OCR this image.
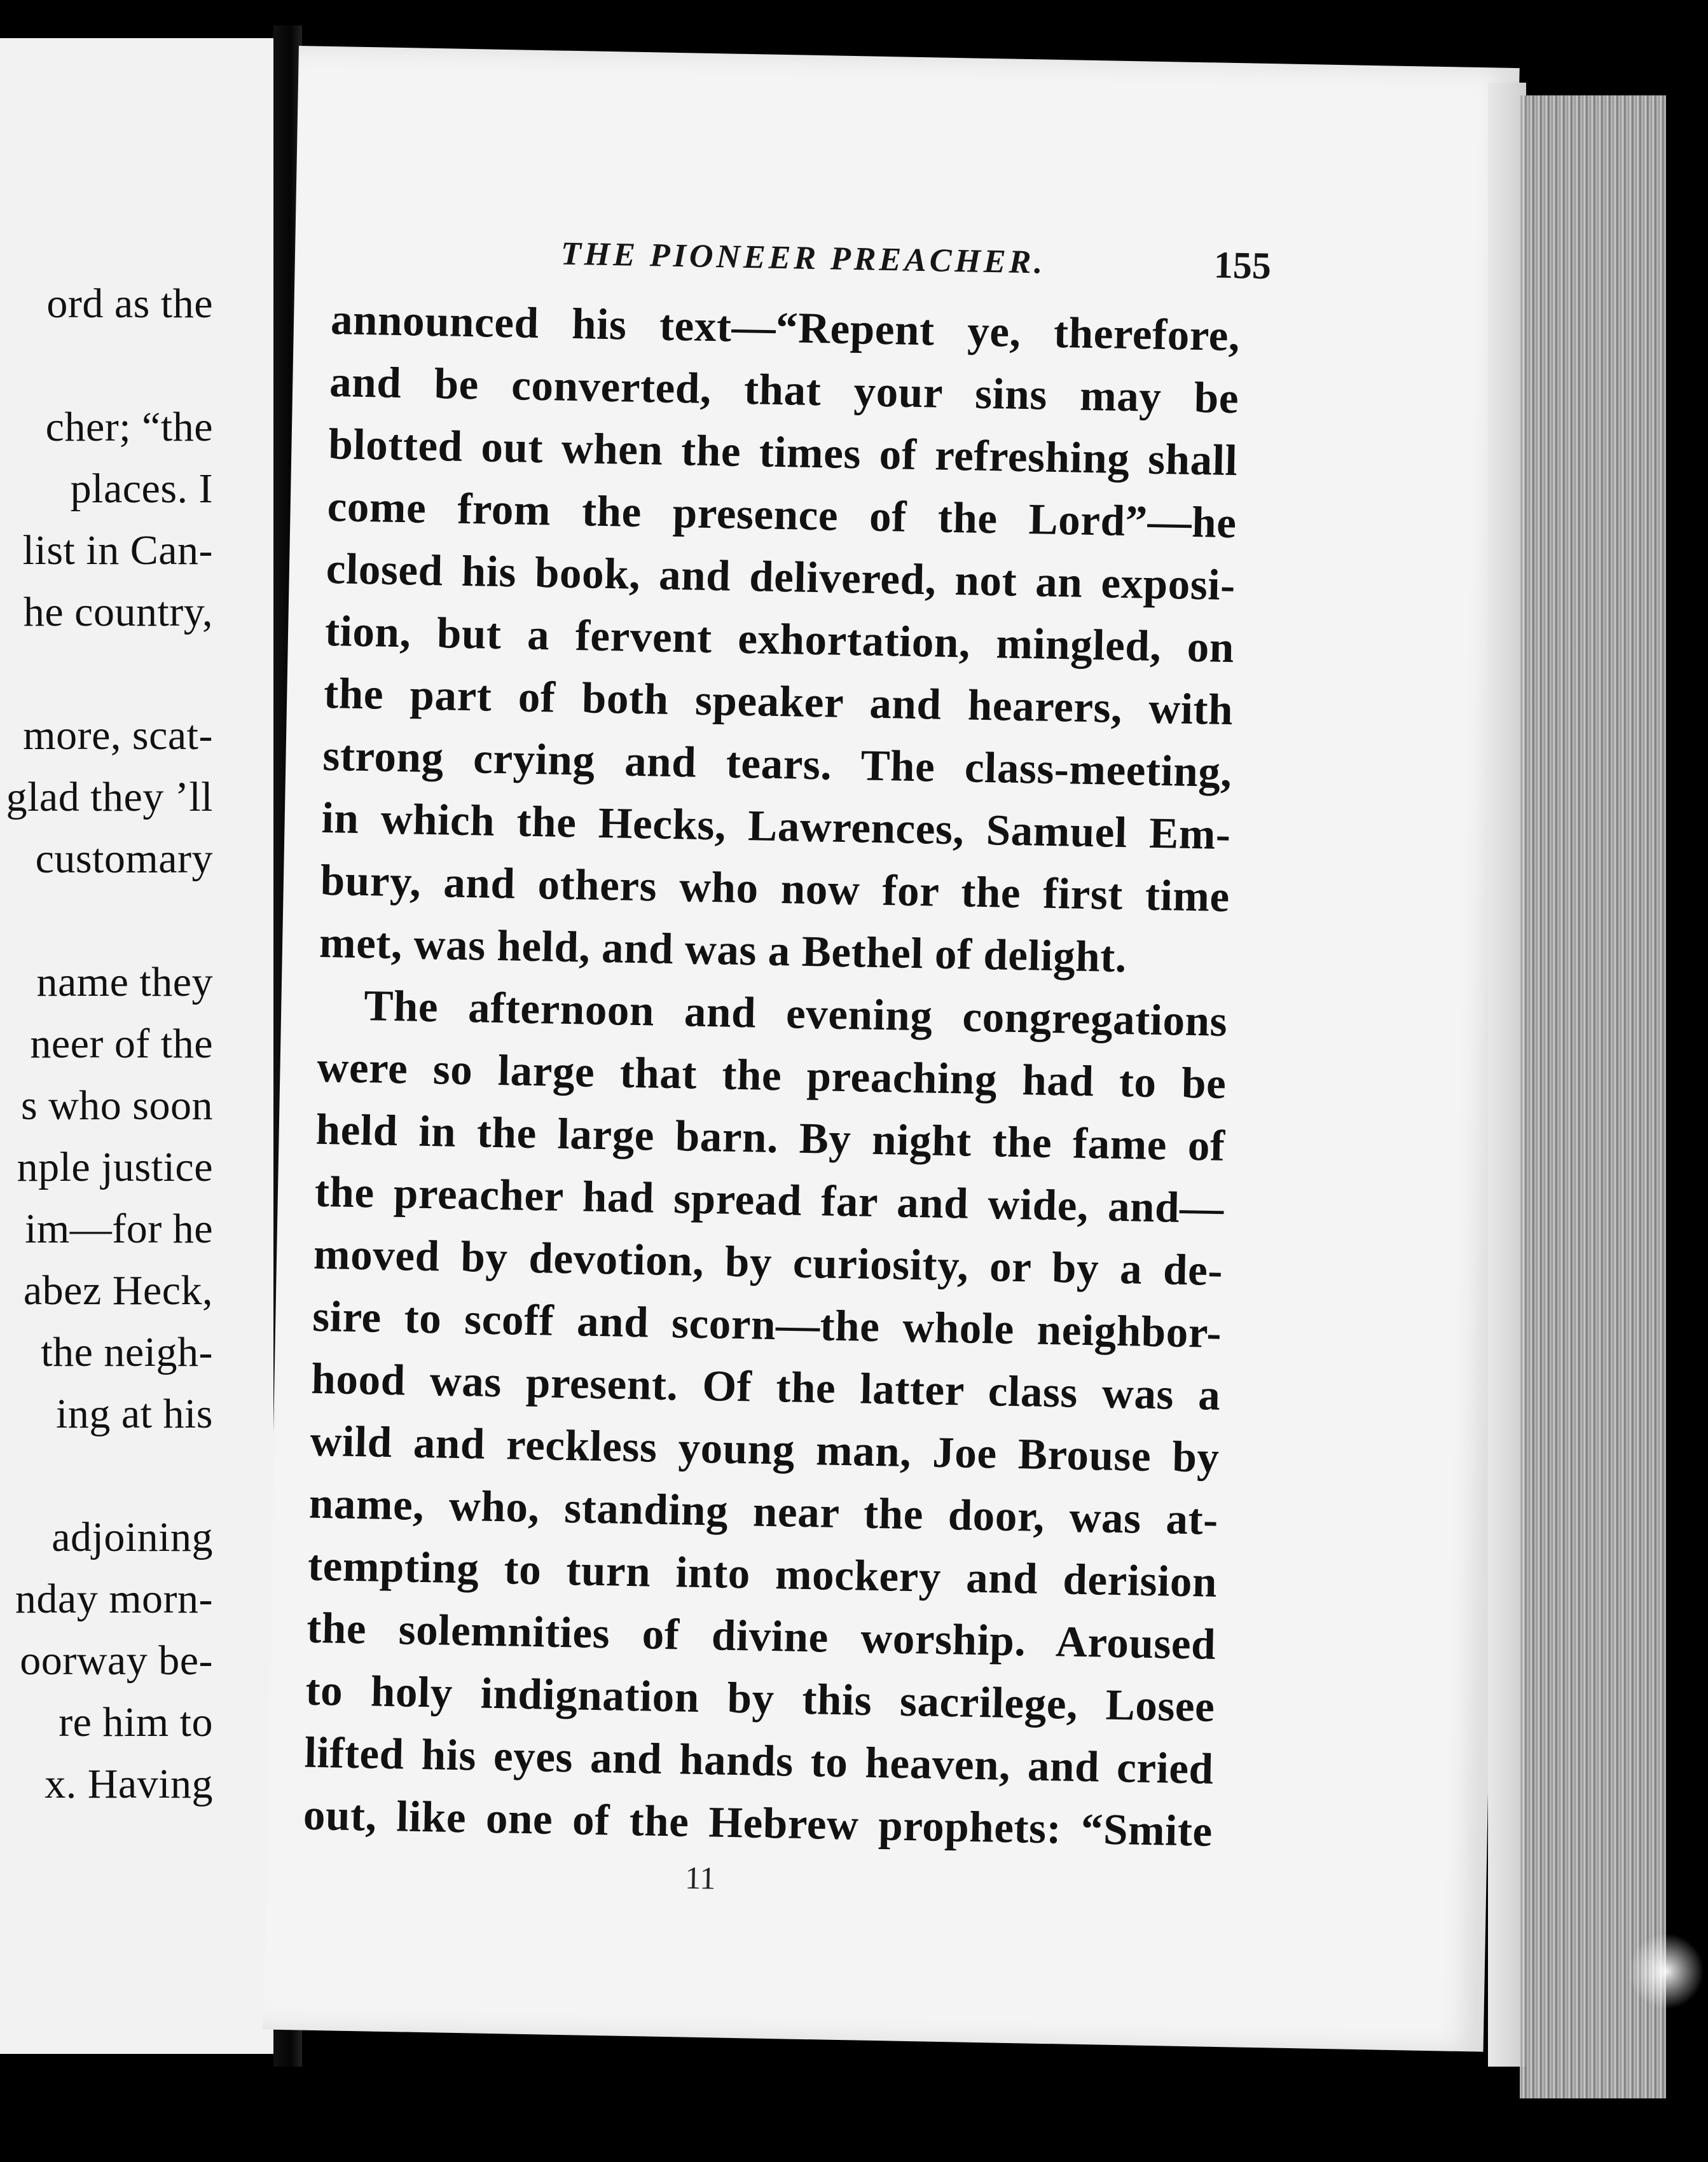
ord as the
cher; “the
places. I
list in Can-
he country,
more, scat-
glad they ’ll
customary
name they
neer of the
s who soon
nple justice
im—for he
abez Heck,
the neigh-
ing at his
adjoining
nday morn-
oorway be-
re him to
x. Having
THE PIONEER PREACHER.	155
announced his text—“Repent ye, therefore,
and be converted, that your sins may be
blotted out when the times of refreshing shall
come from the presence of the Lord”—he
closed his book, and delivered, not an exposi-
tion, but a fervent exhortation, mingled, on
the part of both speaker and hearers, with
strong crying and tears. The class-meeting,
in which the Hecks, Lawrences, Samuel Em-
bury, and others who now for the first time
met, was held, and was a Bethel of delight.
The afternoon and evening congregations
were so large that the preaching had to be
held in the large barn. By night the fame of
the preacher had spread far and wide, and—
moved by devotion, by curiosity, or by a de-
sire to scoff and scorn—the whole neighbor-
hood was present. Of the latter class was a
wild and reckless young man, Joe Brouse by
name, who, standing near the door, was at-
tempting to turn into mockery and derision
the solemnities of divine worship. Aroused
to holy indignation by this sacrilege, Losee
lifted his eyes and hands to heaven, and cried
out, like one of the Hebrew prophets: “Smite
11
